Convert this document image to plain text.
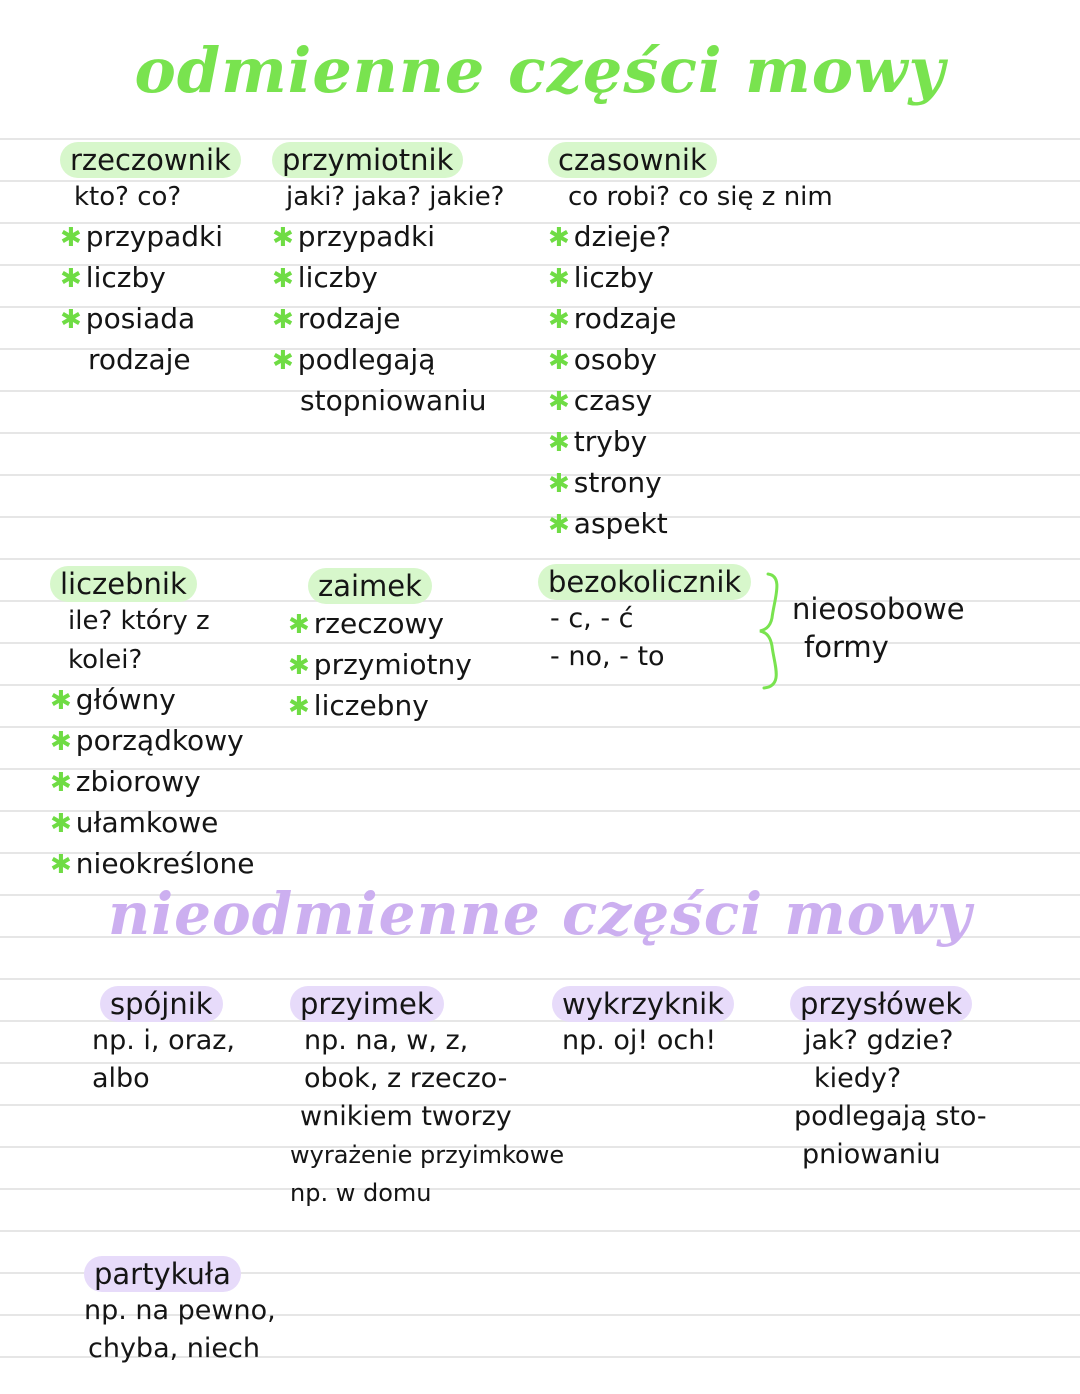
odmienne części mowy
rzeczownik
kto? co?
✱ przypadki
✱ liczby
✱ posiada
rodzaje
przymiotnik
jaki? jaka? jakie?
✱ przypadki
✱ liczby
✱ rodzaje
✱ podlegają
stopniowaniu
czasownik
co robi? co się z nim
✱ dzieje?
✱ liczby
✱ rodzaje
✱ osoby
✱ czasy
✱ tryby
✱ strony
✱ aspekt
liczebnik
ile? który z
kolei?
✱ główny
✱ porządkowy
✱ zbiorowy
✱ ułamkowe
✱ nieokreślone
zaimek
✱ rzeczowy
✱ przymiotny
✱ liczebny
bezokolicznik
- c, - ć
- no, - to
nieosobowe
formy
nieodmienne części mowy
spójnik
np. i, oraz,
albo
przyimek
np. na, w, z,
obok, z rzeczo-
wnikiem tworzy
wyrażenie przyimkowe
np. w domu
wykrzyknik
np. oj! och!
przysłówek
jak? gdzie?
kiedy?
podlegają sto-
pniowaniu
partykuła
np. na pewno,
chyba, niech
